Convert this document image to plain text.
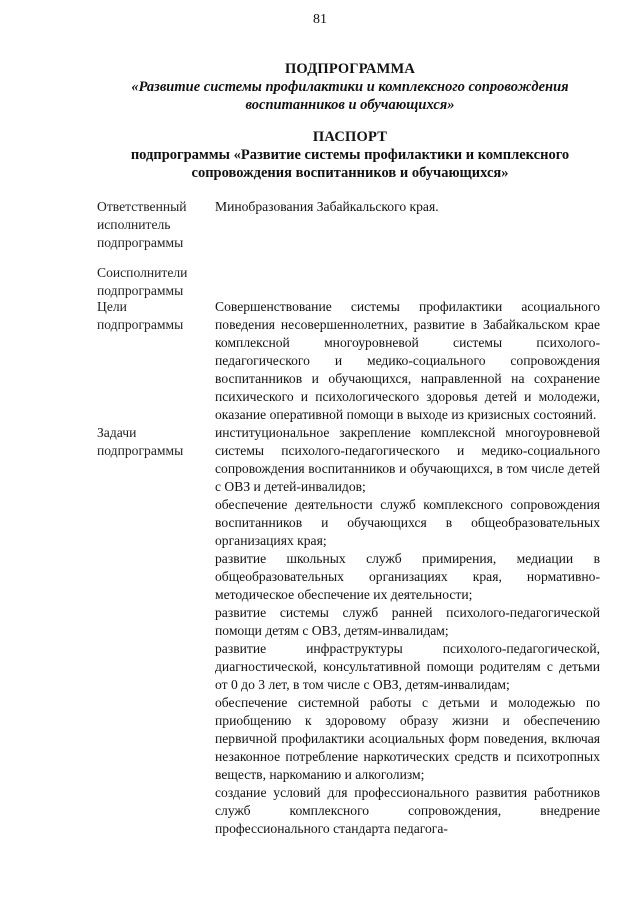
81
ПОДПРОГРАММА
«Развитие системы профилактики и комплексного сопровождения
воспитанников и обучающихся»
ПАСПОРТ
подпрограммы «Развитие системы профилактики и комплексного
сопровождения воспитанников и обучающихся»
Ответственный
исполнитель
подпрограммы
Минобразования Забайкальского края.
Соисполнители
подпрограммы
Цели
подпрограммы
Совершенствование системы профилактики асоциального поведения несовершеннолетних, развитие в Забайкальском крае комплексной многоуровневой системы психолого-педагогического и медико-социального сопровождения воспитанников и обучающихся, направленной на сохранение психического и психологического здоровья детей и молодежи, оказание оперативной помощи в выходе из кризисных состояний.
Задачи
подпрограммы
институциональное закрепление комплексной многоуровневой системы психолого-педагогического и медико-социального сопровождения воспитанников и обучающихся, в том числе детей с ОВЗ и детей-инвалидов;
обеспечение деятельности служб комплексного сопровождения воспитанников и обучающихся в общеобразовательных организациях края;
развитие школьных служб примирения, медиации в общеобразовательных организациях края, нормативно-методическое обеспечение их деятельности;
развитие системы служб ранней психолого-педагогической помощи детям с ОВЗ, детям-инвалидам;
развитие инфраструктуры психолого-педагогической, диагностической, консультативной помощи родителям с детьми от 0 до 3 лет, в том числе с ОВЗ, детям-инвалидам;
обеспечение системной работы с детьми и молодежью по приобщению к здоровому образу жизни и обеспечению первичной профилактики асоциальных форм поведения, включая незаконное потребление наркотических средств и психотропных веществ, наркоманию и алкоголизм;
создание условий для профессионального развития работников служб комплексного сопровождения, внедрение профессионального стандарта педагога-
